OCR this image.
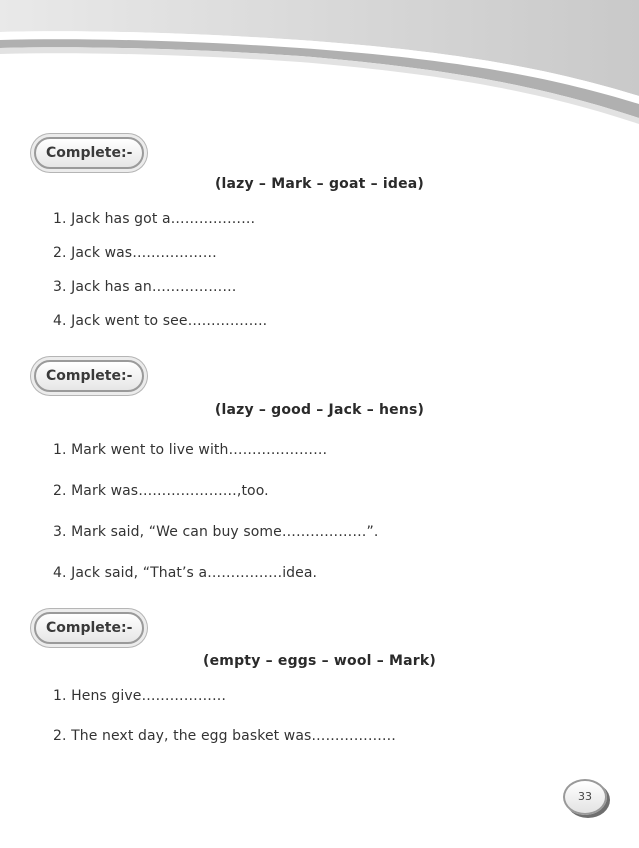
Complete:-
(lazy – Mark – goat – idea)
1. Jack has got a………………
2. Jack was………………
3. Jack has an………………
4. Jack went to see……………..
Complete:-
(lazy – good – Jack – hens)
1. Mark went to live with…………………
2. Mark was…………………,too.
3. Mark said, “We can buy some………………”.
4. Jack said, “That’s a…………….idea.
Complete:-
(empty – eggs – wool – Mark)
1. Hens give………………
2. The next day, the egg basket was………………
33
